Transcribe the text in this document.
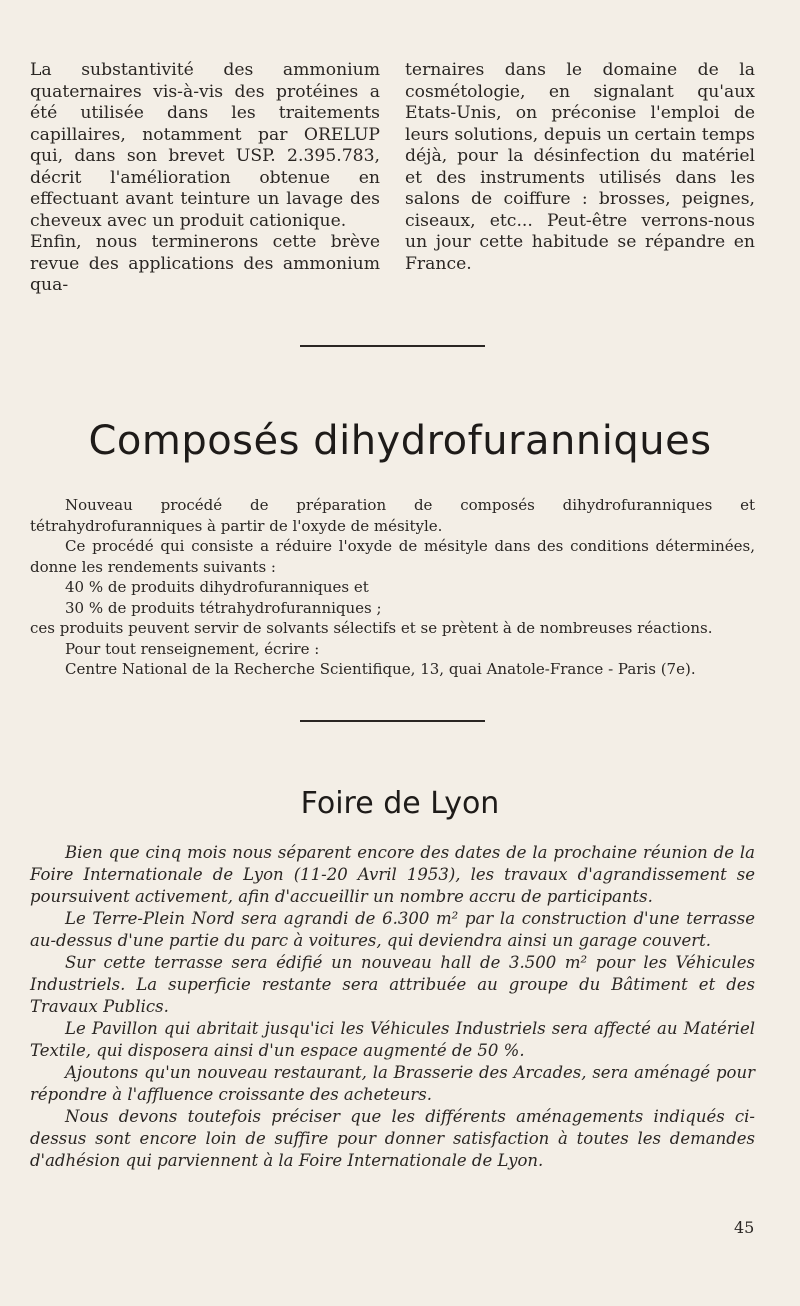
La substantivité des ammonium quaternaires vis-à-vis des protéines a été utilisée dans les traitements capillaires, notamment par ORELUP qui, dans son brevet USP. 2.395.783, décrit l'amélioration obtenue en effectuant avant teinture un lavage des cheveux avec un produit cationique.

Enfin, nous terminerons cette brève revue des applications des ammonium qua-

ternaires dans le domaine de la cosmétologie, en signalant qu'aux Etats-Unis, on préconise l'emploi de leurs solutions, depuis un certain temps déjà, pour la désinfection du matériel et des instruments utilisés dans les salons de coiffure : brosses, peignes, ciseaux, etc... Peut-être verrons-nous un jour cette habitude se répandre en France.

Composés dihydrofuranniques

Nouveau procédé de préparation de composés dihydrofuranniques et tétrahydrofuranniques à partir de l'oxyde de mésityle.

Ce procédé qui consiste a réduire l'oxyde de mésityle dans des conditions déterminées, donne les rendements suivants :

40 % de produits dihydrofuranniques et

30 % de produits tétrahydrofuranniques ;

ces produits peuvent servir de solvants sélectifs et se prètent à de nombreuses réactions.

Pour tout renseignement, écrire :

Centre National de la Recherche Scientifique, 13, quai Anatole-France - Paris (7e).

Foire de Lyon

Bien que cinq mois nous séparent encore des dates de la prochaine réunion de la Foire Internationale de Lyon (11-20 Avril 1953), les travaux d'agrandissement se poursuivent activement, afin d'accueillir un nombre accru de participants.

Le Terre-Plein Nord sera agrandi de 6.300 m² par la construction d'une terrasse au-dessus d'une partie du parc à voitures, qui deviendra ainsi un garage couvert.

Sur cette terrasse sera édifié un nouveau hall de 3.500 m² pour les Véhicules Industriels. La superficie restante sera attribuée au groupe du Bâtiment et des Travaux Publics.

Le Pavillon qui abritait jusqu'ici les Véhicules Industriels sera affecté au Matériel Textile, qui disposera ainsi d'un espace augmenté de 50 %.

Ajoutons qu'un nouveau restaurant, la Brasserie des Arcades, sera aménagé pour répondre à l'affluence croissante des acheteurs.

Nous devons toutefois préciser que les différents aménagements indiqués ci-dessus sont encore loin de suffire pour donner satisfaction à toutes les demandes d'adhésion qui parviennent à la Foire Internationale de Lyon.

45
